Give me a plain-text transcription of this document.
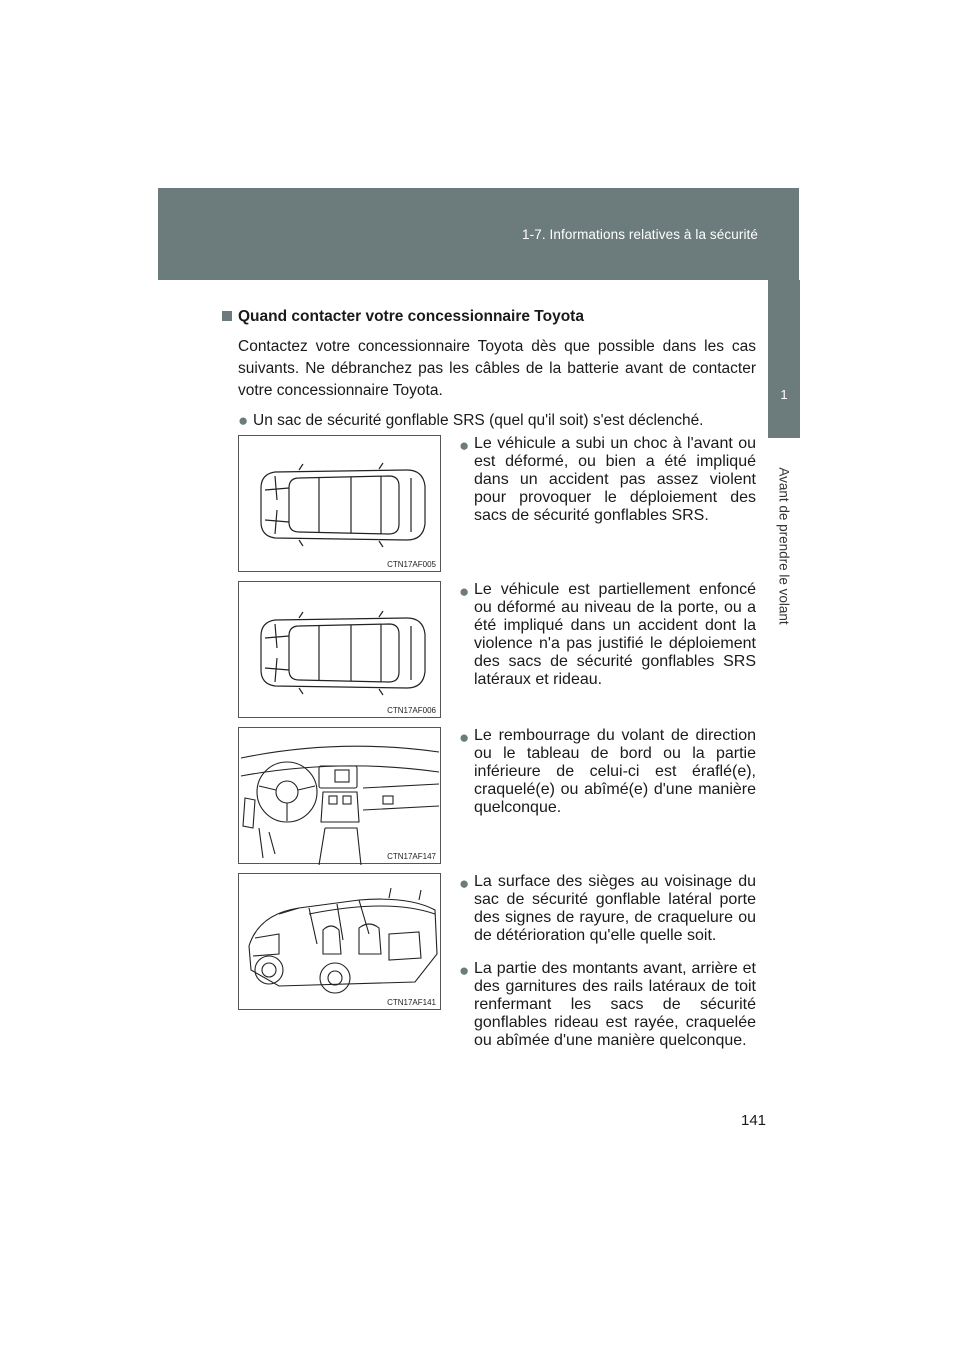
1-7. Informations relatives à la sécurité
1
Avant de prendre le volant
Quand contacter votre concessionnaire Toyota
Contactez votre concessionnaire Toyota dès que possible dans les cas suivants. Ne débranchez pas les câbles de la batterie avant de contacter votre concessionnaire Toyota.
● Un sac de sécurité gonflable SRS (quel qu'il soit) s'est déclenché.
CTN17AF005
● Le véhicule a subi un choc à l'avant ou est déformé, ou bien a été impliqué dans un accident pas assez violent pour provoquer le déploiement des sacs de sécurité gonflables SRS.
CTN17AF006
● Le véhicule est partiellement enfoncé ou déformé au niveau de la porte, ou a été impliqué dans un accident dont la violence n'a pas justifié le déploiement des sacs de sécurité gonflables SRS latéraux et rideau.
CTN17AF147
● Le rembourrage du volant de direction ou le tableau de bord ou la partie inférieure de celui-ci est éraflé(e), craquelé(e) ou abîmé(e) d'une manière quelconque.
CTN17AF141
● La surface des sièges au voisinage du sac de sécurité gonflable latéral porte des signes de rayure, de craquelure ou de détérioration qu'elle quelle soit.
● La partie des montants avant, arrière et des garnitures des rails latéraux de toit renfermant les sacs de sécurité gonflables rideau est rayée, craquelée ou abîmée d'une manière quelconque.
141
